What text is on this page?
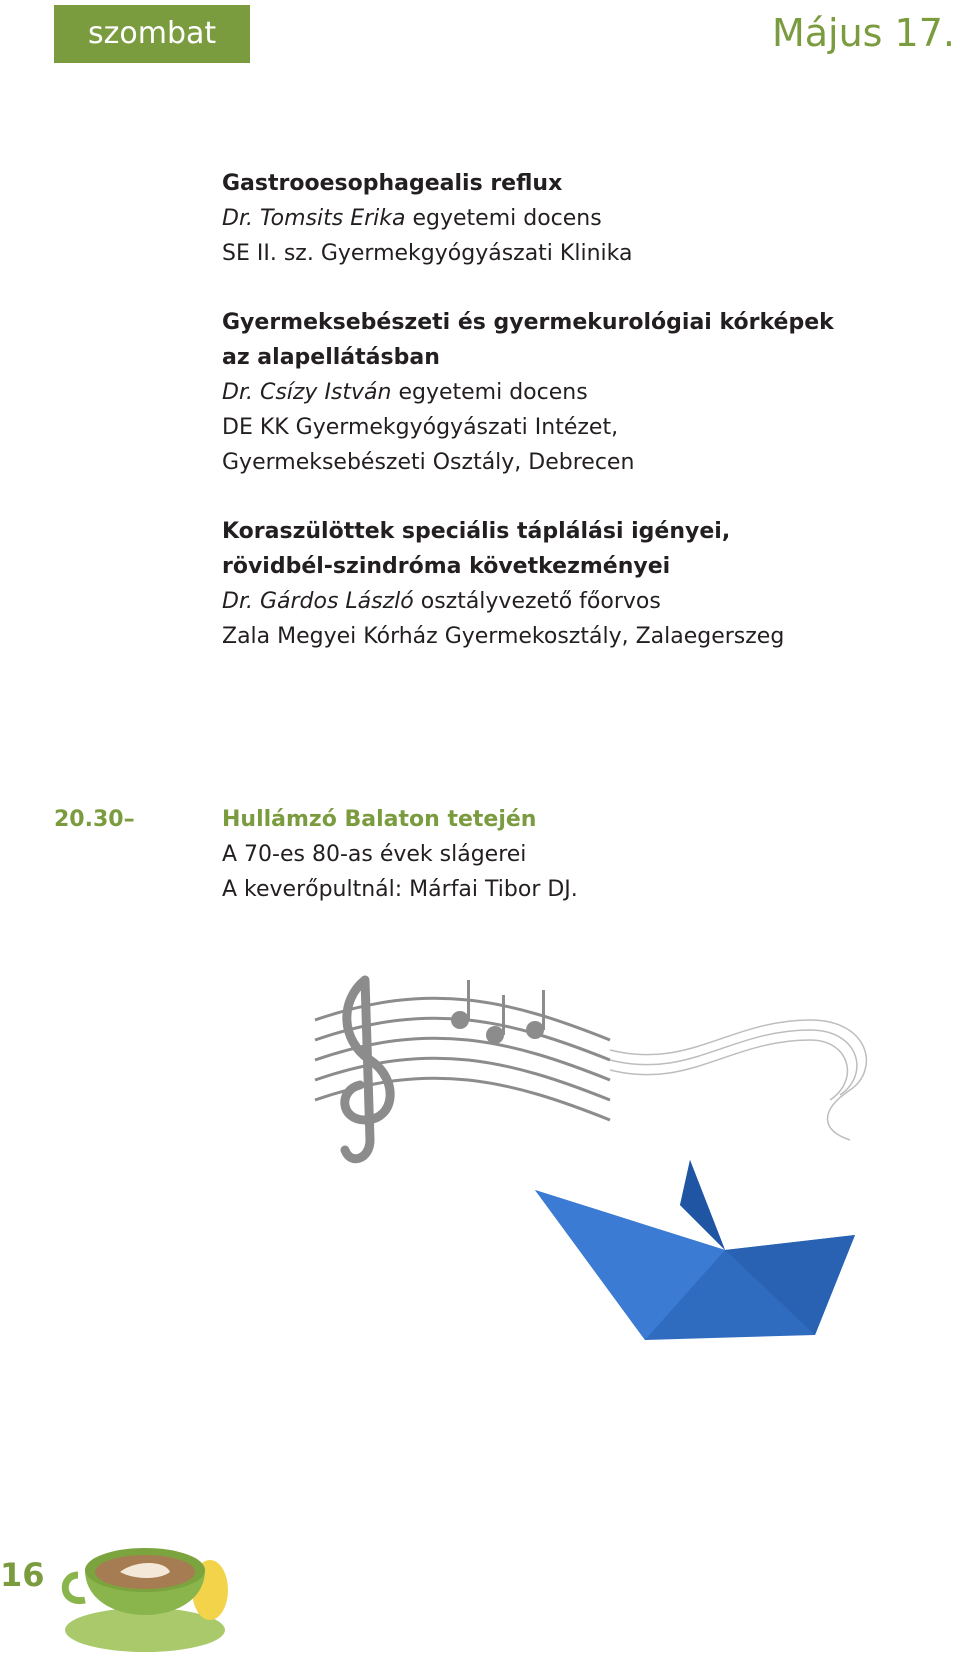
szombat	Május 17.
Gastrooesophagealis reflux
Dr. Tomsits Erika egyetemi docens
SE II. sz. Gyermekgyógyászati Klinika
Gyermeksebészeti és gyermekurológiai kórképek
az alapellátásban
Dr. Csízy István egyetemi docens
DE KK Gyermekgyógyászati Intézet,
Gyermeksebészeti Osztály, Debrecen
Koraszülöttek speciális táplálási igényei,
rövidbél-szindróma következményei
Dr. Gárdos László osztályvezető főorvos
Zala Megyei Kórház Gyermekosztály, Zalaegerszeg
20.30–	Hullámzó Balaton tetején
A 70-es 80-as évek slágerei
A keverőpultnál: Márfai Tibor DJ.
16
